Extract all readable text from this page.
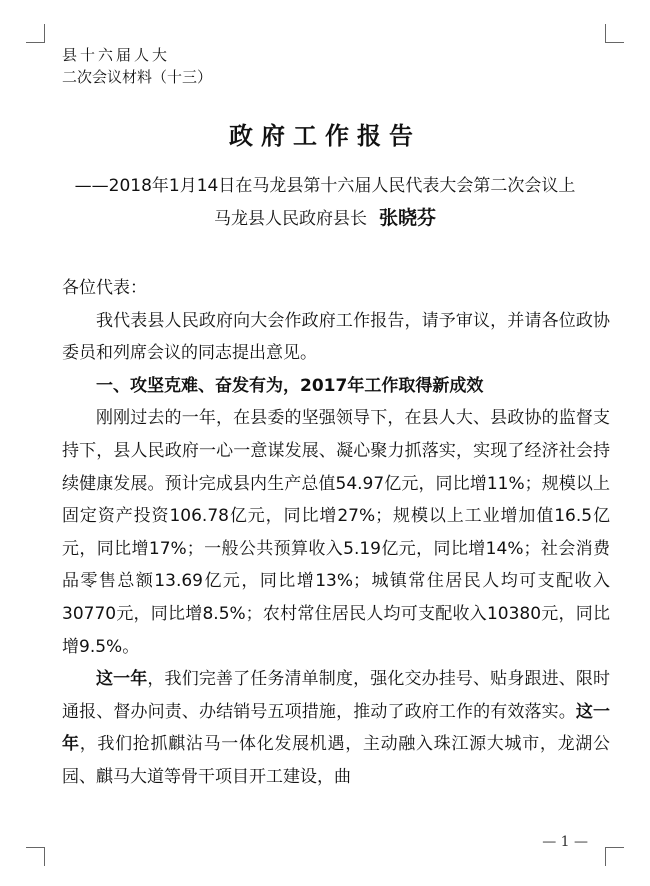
县十六届人大
二次会议材料（十三）
政府工作报告
——2018年1月14日在马龙县第十六届人民代表大会第二次会议上
马龙县人民政府县长 张晓芬

各位代表：

我代表县人民政府向大会作政府工作报告，请予审议，并请各位政协委员和列席会议的同志提出意见。

一、攻坚克难、奋发有为，2017年工作取得新成效

刚刚过去的一年，在县委的坚强领导下，在县人大、县政协的监督支持下，县人民政府一心一意谋发展、凝心聚力抓落实，实现了经济社会持续健康发展。预计完成县内生产总值54.97亿元，同比增11%；规模以上固定资产投资106.78亿元，同比增27%；规模以上工业增加值16.5亿元，同比增17%；一般公共预算收入5.19亿元，同比增14%；社会消费品零售总额13.69亿元，同比增13%；城镇常住居民人均可支配收入30770元，同比增8.5%；农村常住居民人均可支配收入10380元，同比增9.5%。

这一年，我们完善了任务清单制度，强化交办挂号、贴身跟进、限时通报、督办问责、办结销号五项措施，推动了政府工作的有效落实。这一年，我们抢抓麒沾马一体化发展机遇，主动融入珠江源大城市，龙湖公园、麒马大道等骨干项目开工建设，曲

— 1 —
